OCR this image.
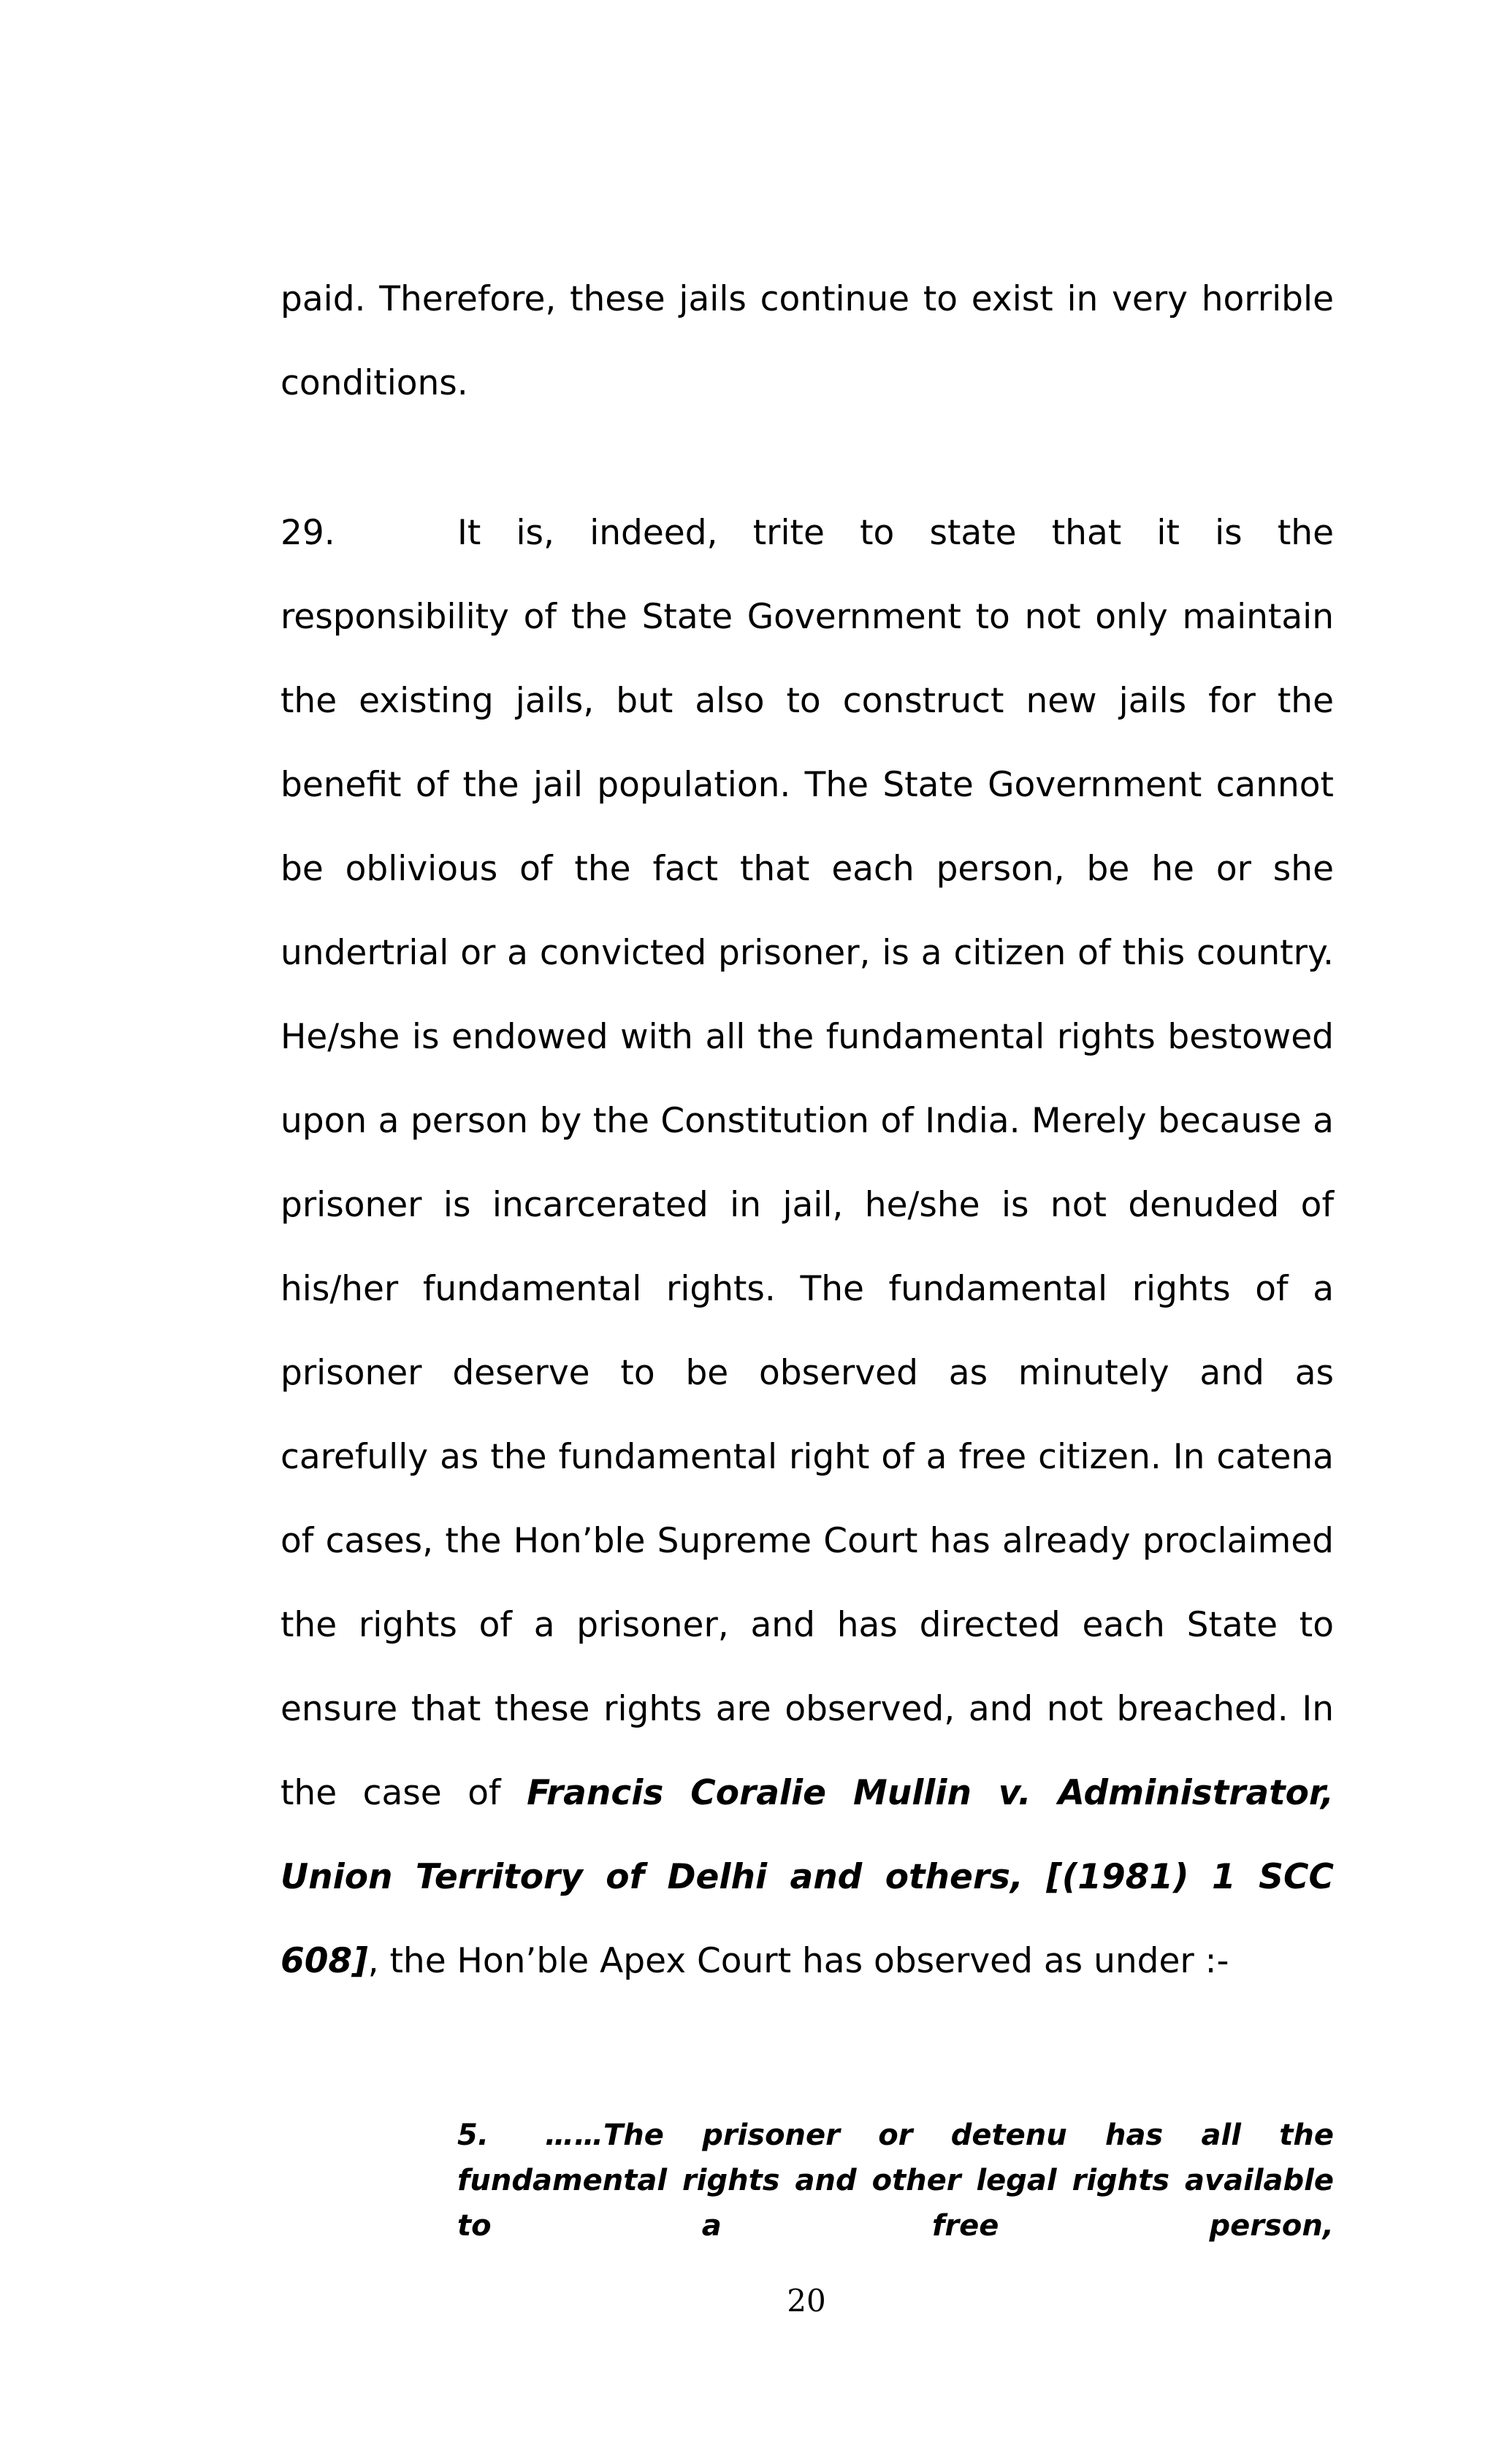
paid. Therefore, these jails continue to exist in very horrible conditions.

29.	It is, indeed, trite to state that it is the responsibility of the State Government to not only maintain the existing jails, but also to construct new jails for the benefit of the jail population. The State Government cannot be oblivious of the fact that each person, be he or she undertrial or a convicted prisoner, is a citizen of this country. He/she is endowed with all the fundamental rights bestowed upon a person by the Constitution of India. Merely because a prisoner is incarcerated in jail, he/she is not denuded of his/her fundamental rights. The fundamental rights of a prisoner deserve to be observed as minutely and as carefully as the fundamental right of a free citizen. In catena of cases, the Hon’ble Supreme Court has already proclaimed the rights of a prisoner, and has directed each State to ensure that these rights are observed, and not breached. In the case of Francis Coralie Mullin v. Administrator, Union Territory of Delhi and others, [(1981) 1 SCC 608], the Hon’ble Apex Court has observed as under :-

5. ……The prisoner or detenu has all the fundamental rights and other legal rights available to a free person,

20
